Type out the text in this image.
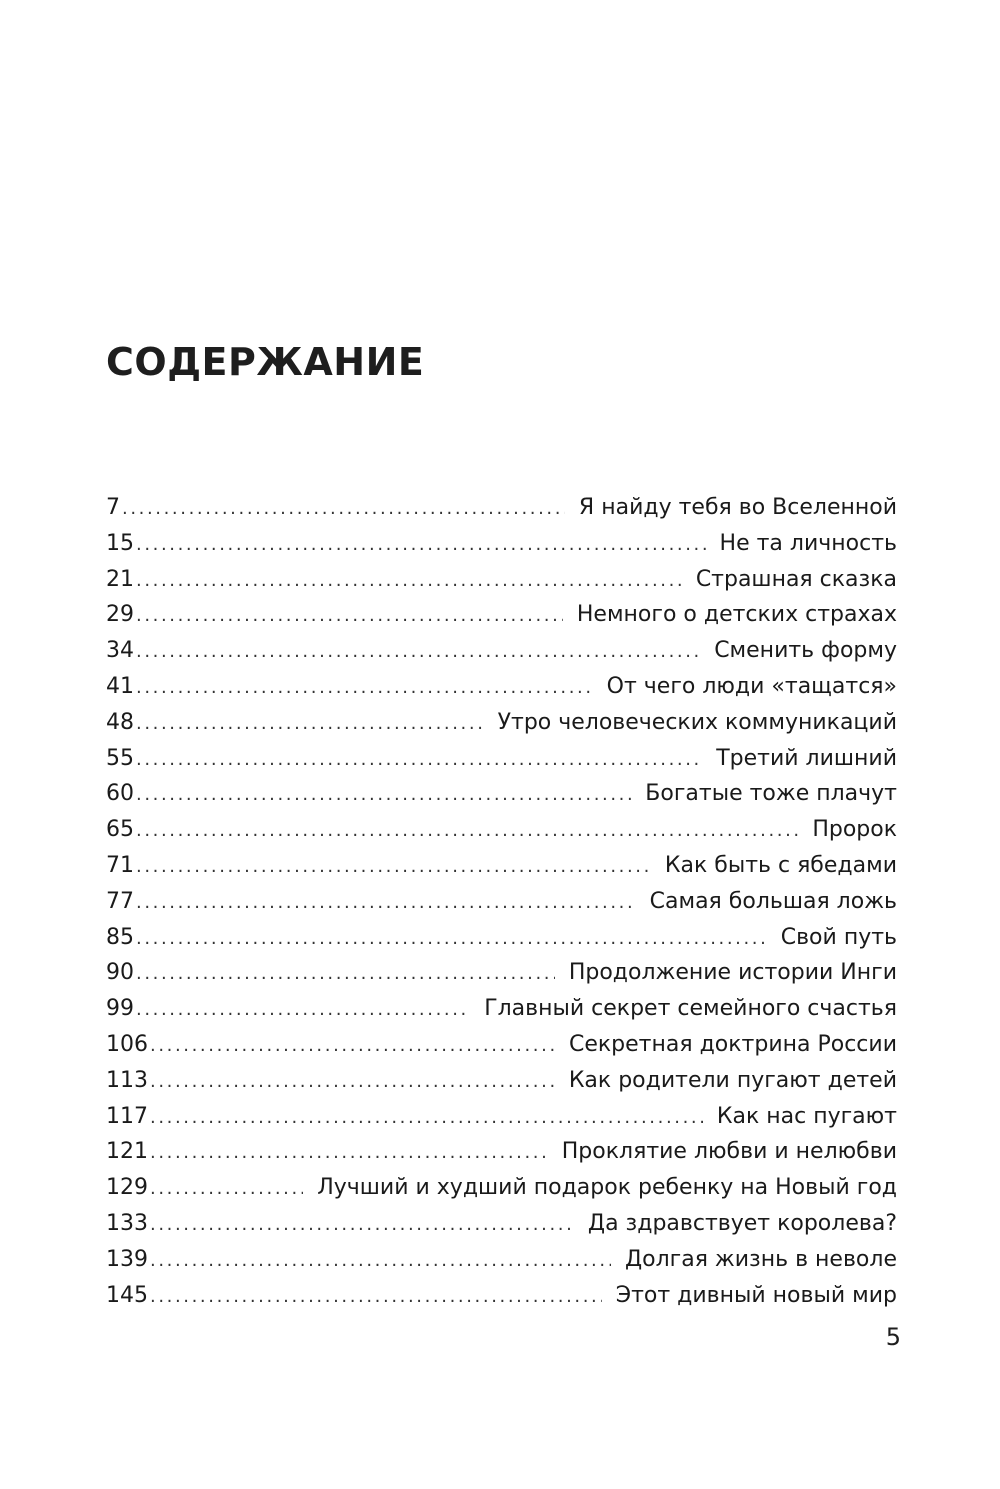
СОДЕРЖАНИЕ
7 .....	Я найду тебя во Вселенной
15 .....	Не та личность
21 .....	Страшная сказка
29 .....	Немного о детских страхах
34 .....	Сменить форму
41 .....	От чего люди «тащатся»
48 .....	Утро человеческих коммуникаций
55 .....	Третий лишний
60 .....	Богатые тоже плачут
65 .....	Пророк
71 .....	Как быть с ябедами
77 .....	Самая большая ложь
85 .....	Свой путь
90 .....	Продолжение истории Инги
99 .....	Главный секрет семейного счастья
106 .....	Секретная доктрина России
113 .....	Как родители пугают детей
117 .....	Как нас пугают
121 .....	Проклятие любви и нелюбви
129 .....	Лучший и худший подарок ребенку на Новый год
133 .....	Да здравствует королева?
139 .....	Долгая жизнь в неволе
145 .....	Этот дивный новый мир
5
